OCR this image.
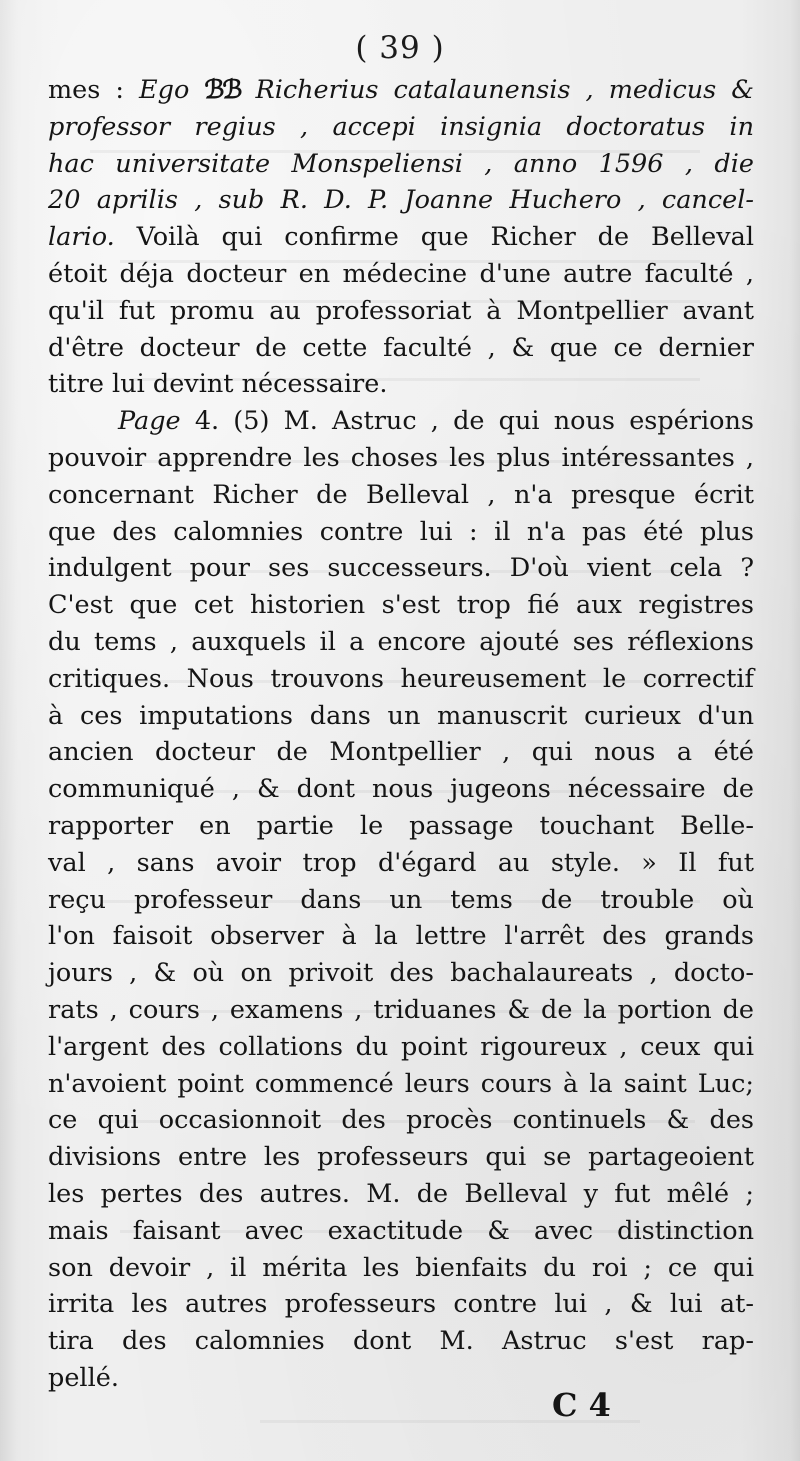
( 39 )
mes : Ego ℬℬ Richerius catalaunensis , medicus &
professor regius , accepi insignia doctoratus in
hac universitate Monspeliensi , anno 1596 , die
20 aprilis , sub R. D. P. Joanne Huchero , cancel-
lario. Voilà qui confirme que Richer de Belleval
étoit déja docteur en médecine d'une autre faculté ,
qu'il fut promu au professoriat à Montpellier avant
d'être docteur de cette faculté , & que ce dernier
titre lui devint nécessaire.
Page 4. (5) M. Astruc , de qui nous espérions
pouvoir apprendre les choses les plus intéressantes ,
concernant Richer de Belleval , n'a presque écrit
que des calomnies contre lui : il n'a pas été plus
indulgent pour ses successeurs. D'où vient cela ?
C'est que cet historien s'est trop fié aux registres
du tems , auxquels il a encore ajouté ses réflexions
critiques. Nous trouvons heureusement le correctif
à ces imputations dans un manuscrit curieux d'un
ancien docteur de Montpellier , qui nous a été
communiqué , & dont nous jugeons nécessaire de
rapporter en partie le passage touchant Belle-
val , sans avoir trop d'égard au style. » Il fut
reçu professeur dans un tems de trouble où
l'on faisoit observer à la lettre l'arrêt des grands
jours , & où on privoit des bachalaureats , docto-
rats , cours , examens , triduanes & de la portion de
l'argent des collations du point rigoureux , ceux qui
n'avoient point commencé leurs cours à la saint Luc;
ce qui occasionnoit des procès continuels & des
divisions entre les professeurs qui se partageoient
les pertes des autres. M. de Belleval y fut mêlé ;
mais faisant avec exactitude & avec distinction
son devoir , il mérita les bienfaits du roi ; ce qui
irrita les autres professeurs contre lui , & lui at-
tira des calomnies dont M. Astruc s'est rap-
pellé.
C 4
